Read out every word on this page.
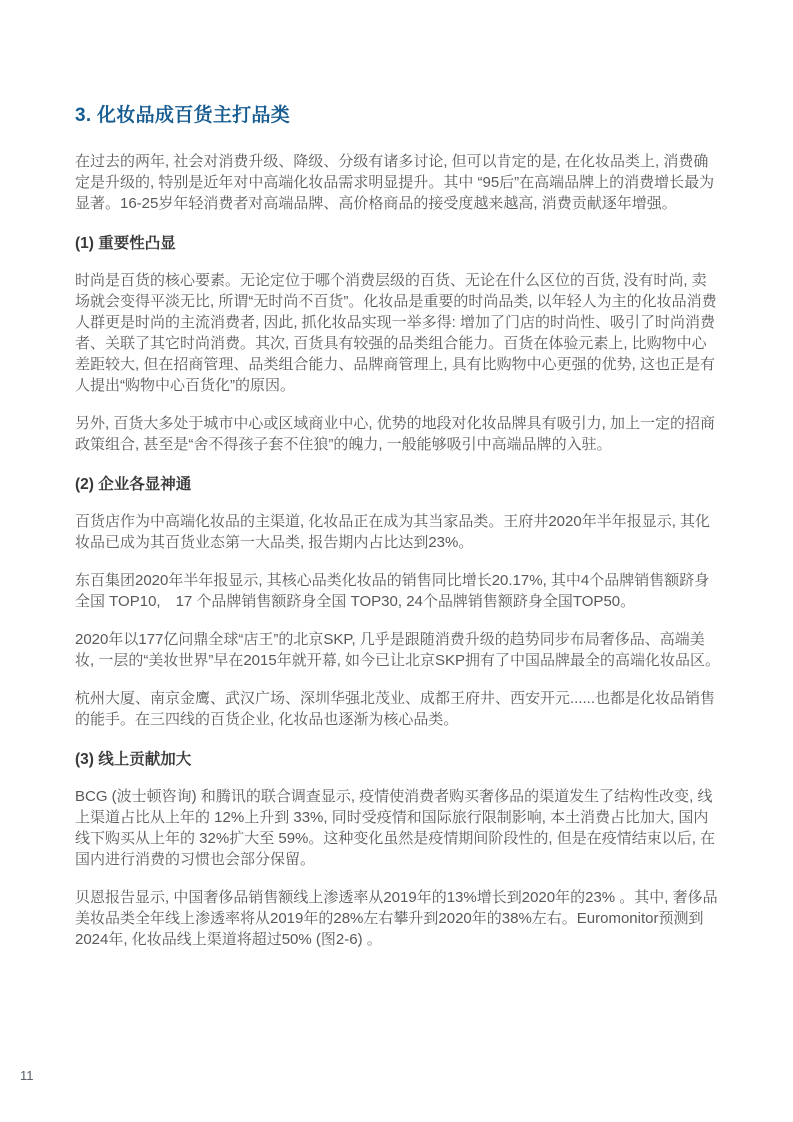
3. 化妆品成百货主打品类

在过去的两年, 社会对消费升级、降级、分级有诸多讨论, 但可以肯定的是, 在化妆品类上, 消费确定是升级的, 特别是近年对中高端化妆品需求明显提升。其中 “95后”在高端品牌上的消费增长最为显著。16-25岁年轻消费者对高端品牌、高价格商品的接受度越来越高, 消费贡献逐年增强。

(1) 重要性凸显

时尚是百货的核心要素。无论定位于哪个消费层级的百货、无论在什么区位的百货, 没有时尚, 卖场就会变得平淡无比, 所谓“无时尚不百货”。化妆品是重要的时尚品类, 以年轻人为主的化妆品消费人群更是时尚的主流消费者, 因此, 抓化妆品实现一举多得: 增加了门店的时尚性、吸引了时尚消费者、关联了其它时尚消费。其次, 百货具有较强的品类组合能力。百货在体验元素上, 比购物中心差距较大, 但在招商管理、品类组合能力、品牌商管理上, 具有比购物中心更强的优势, 这也正是有人提出“购物中心百货化”的原因。

另外, 百货大多处于城市中心或区域商业中心, 优势的地段对化妆品牌具有吸引力, 加上一定的招商政策组合, 甚至是“舍不得孩子套不住狼”的魄力, 一般能够吸引中高端品牌的入驻。

(2) 企业各显神通

百货店作为中高端化妆品的主渠道, 化妆品正在成为其当家品类。王府井2020年半年报显示, 其化妆品已成为其百货业态第一大品类, 报告期内占比达到23%。

东百集团2020年半年报显示, 其核心品类化妆品的销售同比增长20.17%, 其中4个品牌销售额跻身全国 TOP10,　17 个品牌销售额跻身全国 TOP30, 24个品牌销售额跻身全国TOP50。

2020年以177亿问鼎全球“店王”的北京SKP, 几乎是跟随消费升级的趋势同步布局奢侈品、高端美妆, 一层的“美妆世界”早在2015年就开幕, 如今已让北京SKP拥有了中国品牌最全的高端化妆品区。

杭州大厦、南京金鹰、武汉广场、深圳华强北茂业、成都王府井、西安开元......也都是化妆品销售的能手。在三四线的百货企业, 化妆品也逐渐为核心品类。

(3) 线上贡献加大

BCG (波士顿咨询) 和腾讯的联合调查显示, 疫情使消费者购买奢侈品的渠道发生了结构性改变, 线上渠道占比从上年的 12%上升到 33%, 同时受疫情和国际旅行限制影响, 本土消费占比加大, 国内线下购买从上年的 32%扩大至 59%。这种变化虽然是疫情期间阶段性的, 但是在疫情结束以后, 在国内进行消费的习惯也会部分保留。

贝恩报告显示, 中国奢侈品销售额线上渗透率从2019年的13%增长到2020年的23% 。其中, 奢侈品美妆品类全年线上渗透率将从2019年的28%左右攀升到2020年的38%左右。Euromonitor预测到2024年, 化妆品线上渠道将超过50% (图2-6) 。

11
